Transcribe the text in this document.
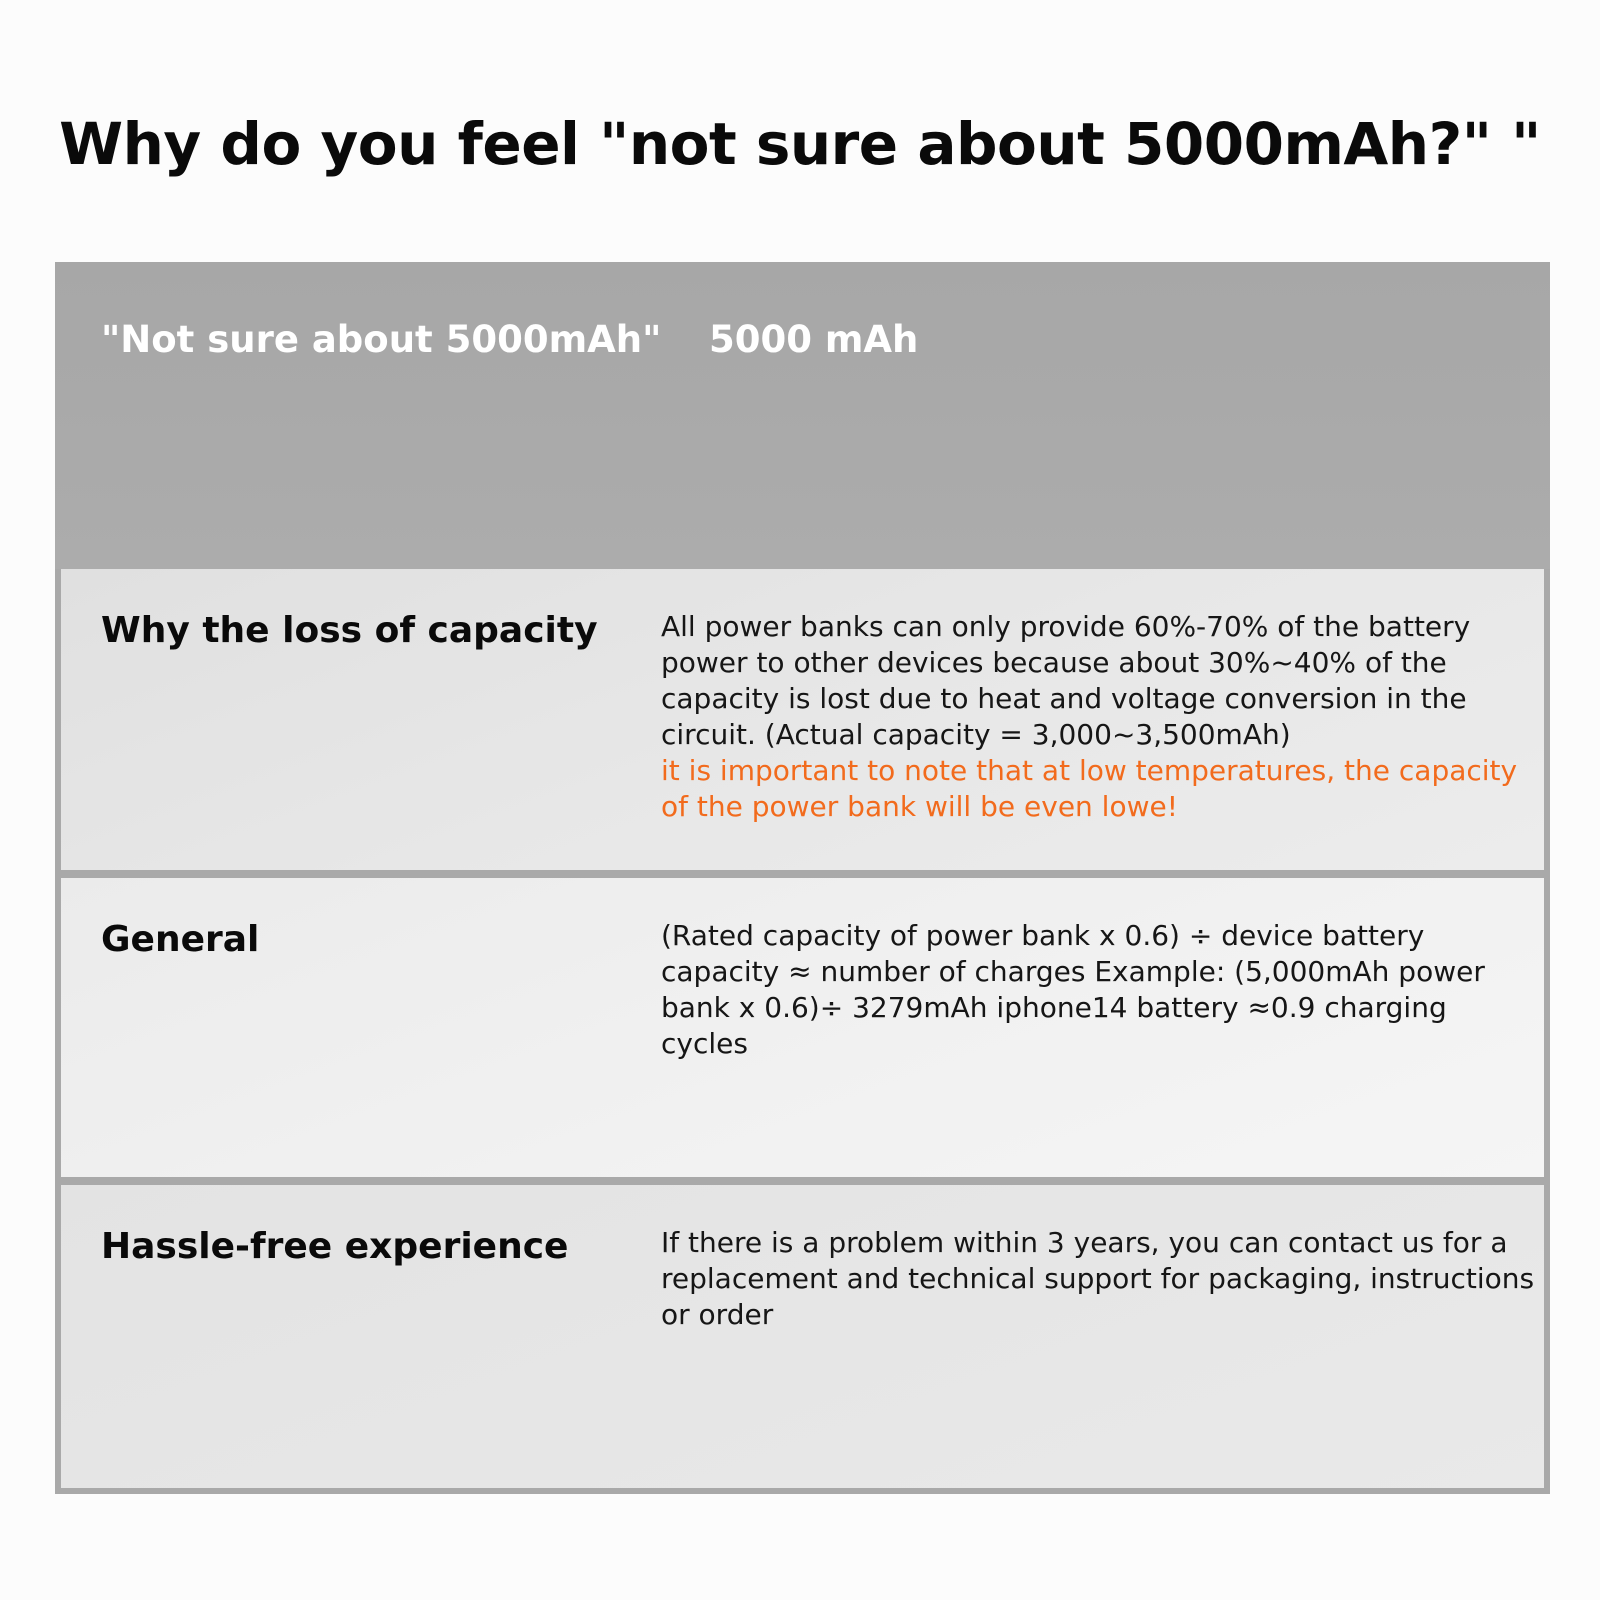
Why do you feel "not sure about 5000mAh?" "
"Not sure about 5000mAh" 5000 mAh
Why the loss of capacity All power banks can only provide 60%-70% of the battery power to other devices because about 30%~40% of the capacity is lost due to heat and voltage conversion in the circuit. (Actual capacity = 3,000~3,500mAh)
it is important to note that at low temperatures, the capacity of the power bank will be even lowe!
General	(Rated capacity of power bank x 0.6) ÷ device battery capacity ≈ number of charges Example: (5,000mAh power bank x 0.6)÷ 3279mAh iphone14 battery ≈0.9 charging cycles
Hassle-free experience	If there is a problem within 3 years, you can contact us for a replacement and technical support for packaging, instructions or order
